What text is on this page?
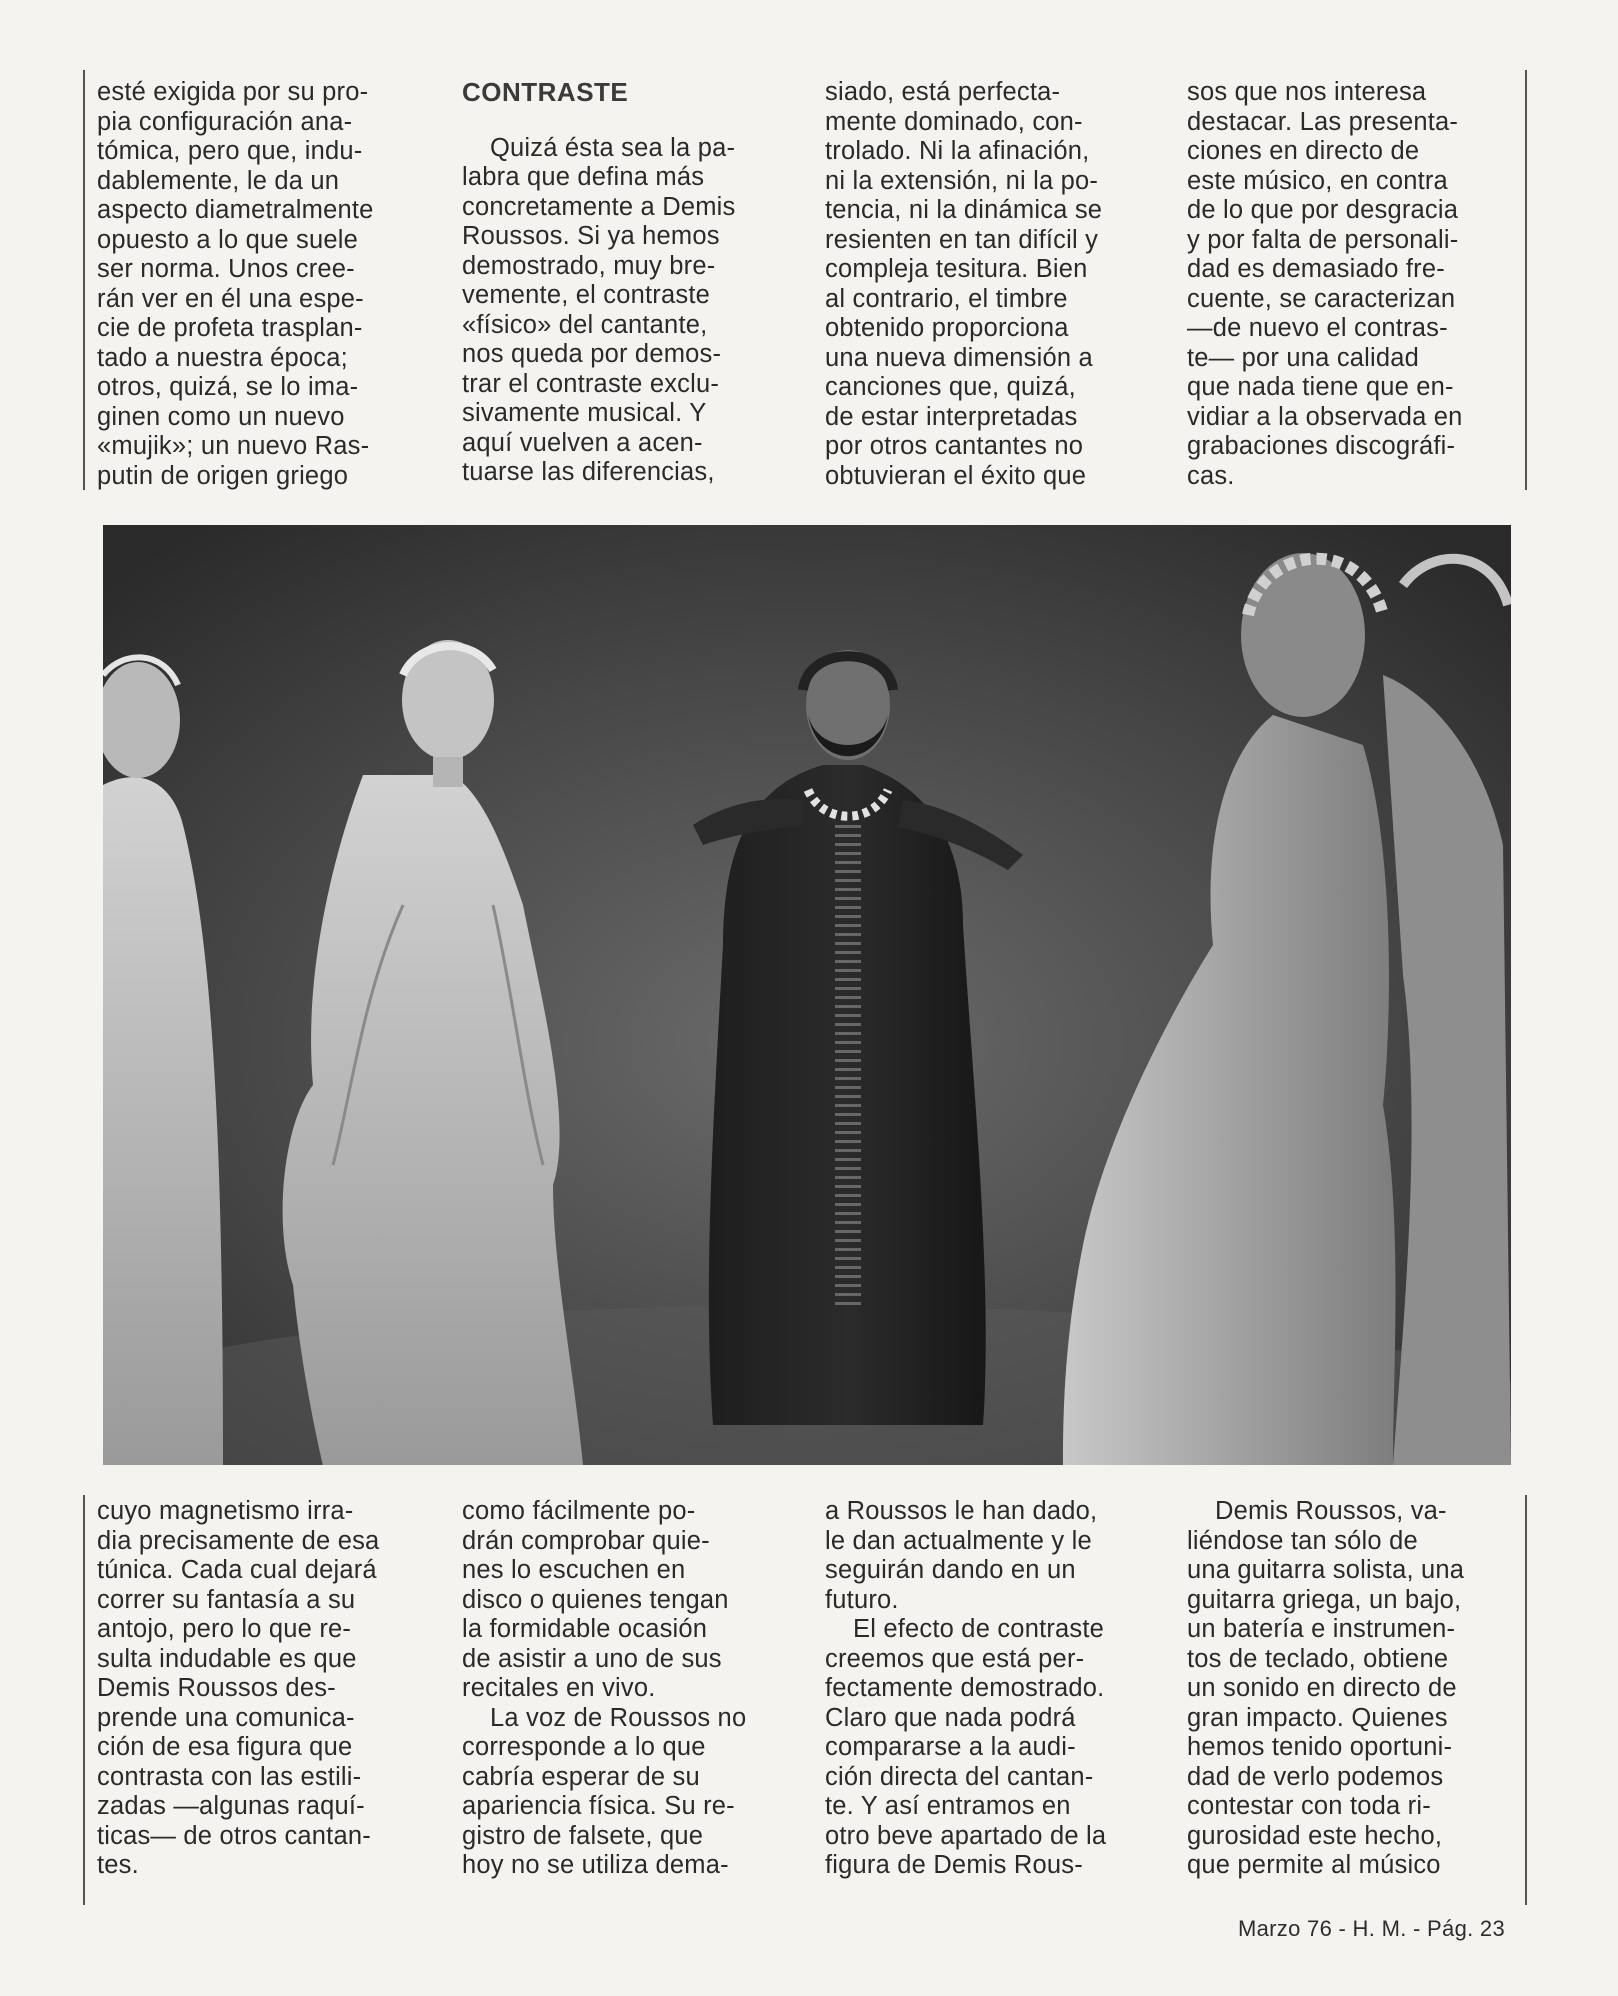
esté exigida por su pro-
pia configuración ana-
tómica, pero que, indu-
dablemente, le da un
aspecto diametralmente
opuesto a lo que suele
ser norma. Unos cree-
rán ver en él una espe-
cie de profeta trasplan-
tado a nuestra época;
otros, quizá, se lo ima-
ginen como un nuevo
«mujik»; un nuevo Ras-
putin de origen griego
CONTRASTE
Quizá ésta sea la pa-
labra que defina más
concretamente a Demis
Roussos. Si ya hemos
demostrado, muy bre-
vemente, el contraste
«físico» del cantante,
nos queda por demos-
trar el contraste exclu-
sivamente musical. Y
aquí vuelven a acen-
tuarse las diferencias,
siado, está perfecta-
mente dominado, con-
trolado. Ni la afinación,
ni la extensión, ni la po-
tencia, ni la dinámica se
resienten en tan difícil y
compleja tesitura. Bien
al contrario, el timbre
obtenido proporciona
una nueva dimensión a
canciones que, quizá,
de estar interpretadas
por otros cantantes no
obtuvieran el éxito que
sos que nos interesa
destacar. Las presenta-
ciones en directo de
este músico, en contra
de lo que por desgracia
y por falta de personali-
dad es demasiado fre-
cuente, se caracterizan
—de nuevo el contras-
te— por una calidad
que nada tiene que en-
vidiar a la observada en
grabaciones discográfi-
cas.
cuyo magnetismo irra-
dia precisamente de esa
túnica. Cada cual dejará
correr su fantasía a su
antojo, pero lo que re-
sulta indudable es que
Demis Roussos des-
prende una comunica-
ción de esa figura que
contrasta con las estili-
zadas —algunas raquí-
ticas— de otros cantan-
tes.
como fácilmente po-
drán comprobar quie-
nes lo escuchen en
disco o quienes tengan
la formidable ocasión
de asistir a uno de sus
recitales en vivo.
La voz de Roussos no
corresponde a lo que
cabría esperar de su
apariencia física. Su re-
gistro de falsete, que
hoy no se utiliza dema-
a Roussos le han dado,
le dan actualmente y le
seguirán dando en un
futuro.
El efecto de contraste
creemos que está per-
fectamente demostrado.
Claro que nada podrá
compararse a la audi-
ción directa del cantan-
te. Y así entramos en
otro beve apartado de la
figura de Demis Rous-
Demis Roussos, va-
liéndose tan sólo de
una guitarra solista, una
guitarra griega, un bajo,
un batería e instrumen-
tos de teclado, obtiene
un sonido en directo de
gran impacto. Quienes
hemos tenido oportuni-
dad de verlo podemos
contestar con toda ri-
gurosidad este hecho,
que permite al músico
Marzo 76 - H. M. - Pág. 23
